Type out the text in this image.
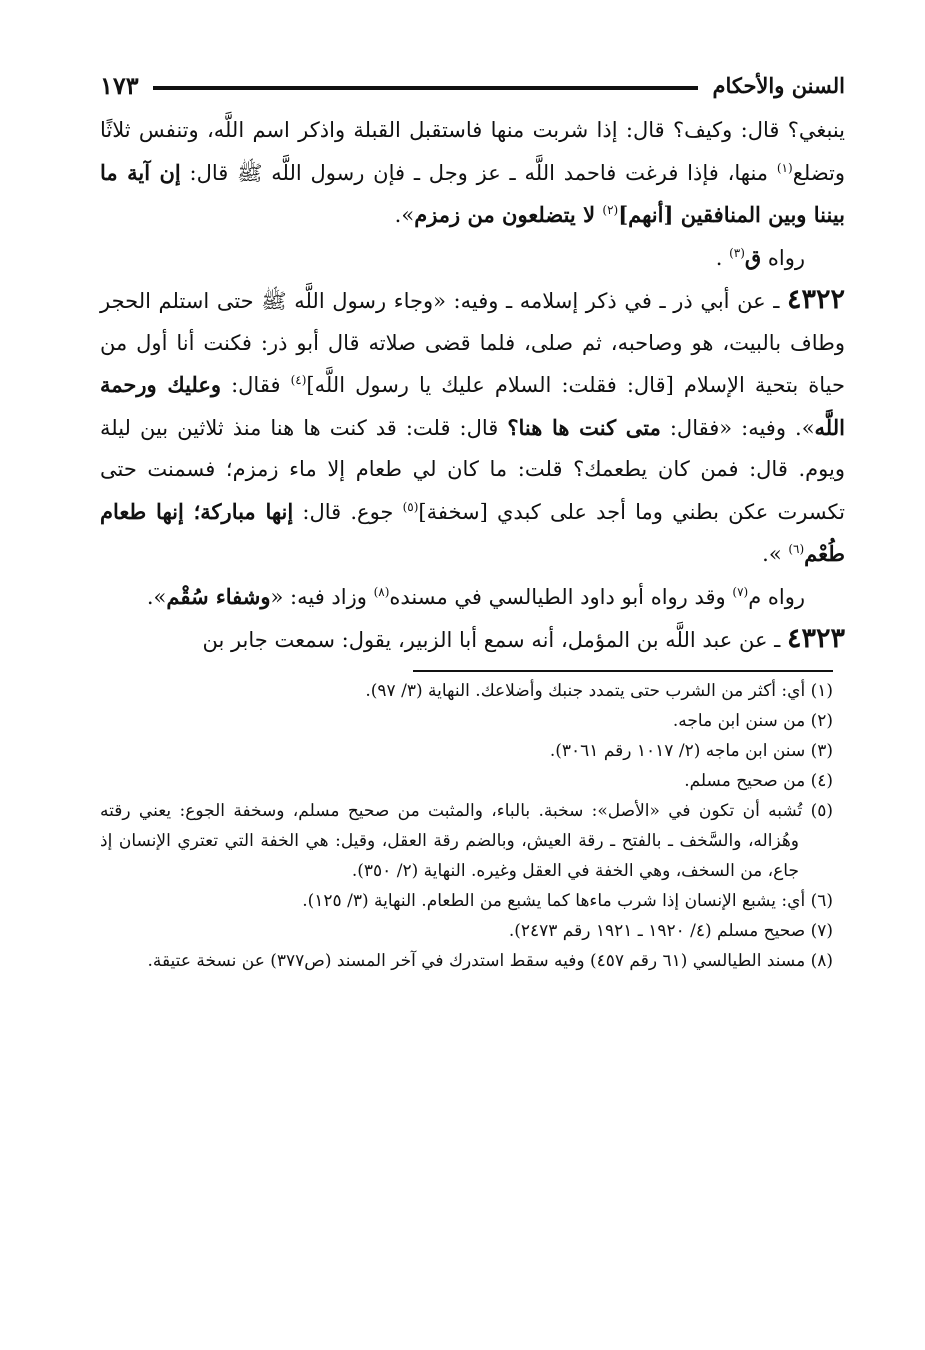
السنن والأحكام
١٧٣

ينبغي؟ قال: وكيف؟ قال: إذا شربت منها فاستقبل القبلة واذكر اسم اللَّه، وتنفس ثلاثًا وتضلع$^{(١)}$ منها، فإذا فرغت فاحمد اللَّه ـ عز وجل ـ فإن رسول اللَّه ﷺ قال: إن آية ما بيننا وبين المنافقين [أنهم]$^{(٢)}$ لا يتضلعون من زمزم».

رواه ق$^{(٣)}$ .

٤٣٢٢ ـ عن أبي ذر ـ في ذكر إسلامه ـ وفيه: «وجاء رسول اللَّه ﷺ حتى استلم الحجر وطاف بالبيت، هو وصاحبه، ثم صلى، فلما قضى صلاته قال أبو ذر: فكنت أنا أول من حياة بتحية الإسلام [قال: فقلت: السلام عليك يا رسول اللَّه]$^{(٤)}$ فقال: وعليك ورحمة اللَّه». وفيه: «فقال: متى كنت ها هنا؟ قال: قلت: قد كنت ها هنا منذ ثلاثين بين ليلة ويوم. قال: فمن كان يطعمك؟ قلت: ما كان لي طعام إلا ماء زمزم؛ فسمنت حتى تكسرت عكن بطني وما أجد على كبدي [سخفة]$^{(٥)}$ جوع. قال: إنها مباركة؛ إنها طعام طُعْم$^{(٦)}$ ».

رواه م$^{(٧)}$ وقد رواه أبو داود الطيالسي في مسنده$^{(٨)}$ وزاد فيه: «وشفاء سُقْم».

٤٣٢٣ ـ عن عبد اللَّه بن المؤمل، أنه سمع أبا الزبير، يقول: سمعت جابر بن

(١) أي: أكثر من الشرب حتى يتمدد جنبك وأضلاعك. النهاية (٣/ ٩٧).

(٢) من سنن ابن ماجه.

(٣) سنن ابن ماجه (٢/ ١٠١٧ رقم ٣٠٦١).

(٤) من صحيح مسلم.

(٥) تُشبه أن تكون في «الأصل»: سخبة. بالباء، والمثبت من صحيح مسلم، وسخفة الجوع: يعني رقته وهُزاله، والسَّخف ـ بالفتح ـ رقة العيش، وبالضم رقة العقل، وقيل: هي الخفة التي تعتري الإنسان إذ جاع، من السخف، وهي الخفة في العقل وغيره. النهاية (٢/ ٣٥٠).

(٦) أي: يشبع الإنسان إذا شرب ماءها كما يشبع من الطعام. النهاية (٣/ ١٢٥).

(٧) صحيح مسلم (٤/ ١٩٢٠ ـ ١٩٢١ رقم ٢٤٧٣).

(٨) مسند الطيالسي (٦١ رقم ٤٥٧) وفيه سقط استدرك في آخر المسند (ص٣٧٧) عن نسخة عتيقة.
